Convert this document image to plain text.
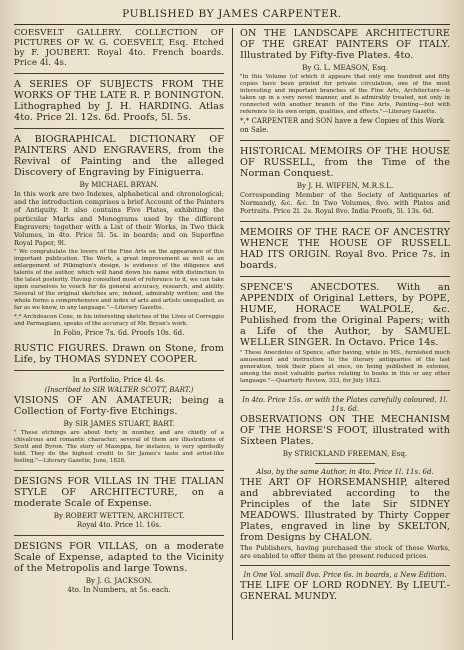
PUBLISHED BY JAMES CARPENTER.
COESVELT GALLERY. COLLECTION OF PICTURES OF W. G. COESVELT, Esq. Etched by F. JOUBERT. Royal 4to. French boards. Price 4l. 4s.
A SERIES OF SUBJECTS FROM THE WORKS OF THE LATE R. P. BONINGTON. Lithographed by J. H. HARDING. Atlas 4to. Price 2l. 12s. 6d. Proofs, 5l. 5s.
A BIOGRAPHICAL DICTIONARY OF PAINTERS AND ENGRAVERS, from the Revival of Painting and the alleged Discovery of Engraving by Finiguerra.
By MICHAEL BRYAN.
In this work are two Indexes, alphabetical and chronological; and the introduction comprises a brief Account of the Painters of Antiquity. It also contains Five Plates, exhibiting the particular Marks and Monograms used by the different Engravers; together with a List of their Works, in Two thick Volumes, in 4to. Price 5l. 5s. in boards; and on Superfine Royal Paper, 9l.
" We congratulate the lovers of the Fine Arts on the appearance of this important publication. The Work, a great improvement as well as an enlargement of Pilkington's design, is evidence of the diligence and talents of the author, which will hand down his name with distinction to the latest posterity. Having consulted most of reference to it, we can take upon ourselves to vouch for its general accuracy, research, and ability. Several of the original sketches are, indeed, admirably written; and the whole forms a comprehensive and index of arts and artists unequalled, as far as we know, in any language."—Literary Gazette.
*,* Archdeacon Coxe, in his interesting sketches of the Lives of Correggio and Parmagiano, speaks of the accuracy of Mr. Bryan's work.
In Folio, Price 7s. 6d. Proofs 10s. 6d.
RUSTIC FIGURES. Drawn on Stone, from Life, by THOMAS SYDNEY COOPER.
In a Portfolio, Price 4l. 4s.
(Inscribed to SIR WALTER SCOTT, BART.)
VISIONS OF AN AMATEUR; being a Collection of Forty-five Etchings.
By SIR JAMES STUART, BART.
" These etchings are about forty in number, and are chiefly of a chivalrous and romantic character; several of them are illustrations of Scott and Byron. The story of Mazeppa, for instance, is very spiritedly told. They do the highest credit to Sir James's taste and artist-like feeling."—Literary Gazette, June, 1828.
DESIGNS FOR VILLAS IN THE ITALIAN STYLE OF ARCHITECTURE, on a moderate Scale of Expense.
By ROBERT WETTEN, ARCHITECT.
Royal 4to. Price 1l. 16s.
DESIGNS FOR VILLAS, on a moderate Scale of Expense, adapted to the Vicinity of the Metropolis and large Towns.
By J. G. JACKSON.
4to. In Numbers, at 5s. each.
ON THE LANDSCAPE ARCHITECTURE OF THE GREAT PAINTERS OF ITALY. Illustrated by Fifty-five Plates. 4to.
By G. L. MEASON, Esq.
"In this Volume (of which it appears that only one hundred and fifty copies have been printed for private circulation, one of the most interesting and important branches of the Fine Arts, Architecture—is taken up in a very novel manner, and is admirably treated, not only in connected with another branch of the Fine Arts, Painting—but with reference to its own origin, qualities, and effects."—Literary Gazette.
*,* CARPENTER and SON have a few Copies of this Work on Sale.
HISTORICAL MEMOIRS OF THE HOUSE OF RUSSELL, from the Time of the Norman Conquest.
By J. H. WIFFEN, M.R.S.L.
Corresponding Member of the Society of Antiquaries of Normandy, &c. &c. In Two Volumes, 8vo. with Plates and Portraits. Price 2l. 2s. Royal 8vo. India Proofs, 5l. 13s. 6d.
MEMOIRS OF THE RACE OF ANCESTRY WHENCE THE HOUSE OF RUSSELL HAD ITS ORIGIN. Royal 8vo. Price 7s. in boards.
SPENCE'S ANECDOTES. With an APPENDIX of Original Letters, by POPE, HUME, HORACE WALPOLE, &c. Published from the Original Papers; with a Life of the Author, by SAMUEL WELLER SINGER. In Octavo. Price 14s.
" These Anecdotes of Spence, after having, while in MS., furnished much amusement and instruction to the literary antiquaries of the last generation, took their place at once, on being published in extenso, among the most valuable partes relating to books in this or any other language."—Quarterly Review, 333, for July 1822.
In 4to. Price 15s. or with the Plates carefully coloured, 1l. 11s. 6d.
OBSERVATIONS ON THE MECHANISM OF THE HORSE'S FOOT, illustrated with Sixteen Plates.
By STRICKLAND FREEMAN, Esq.
Also, by the same Author, in 4to. Price 1l. 11s. 6d.
THE ART OF HORSEMANSHIP, altered and abbreviated according to the Principles of the late Sir SIDNEY MEADOWS. Illustrated by Thirty Copper Plates, engraved in line by SKELTON, from Designs by CHALON.
The Publishers, having purchased the stock of these Works, are enabled to offer them at the present reduced prices.
In One Vol. small 8vo. Price 6s. in boards, a New Edition.
THE LIFE OF LORD RODNEY. By LIEUT.-GENERAL MUNDY.
